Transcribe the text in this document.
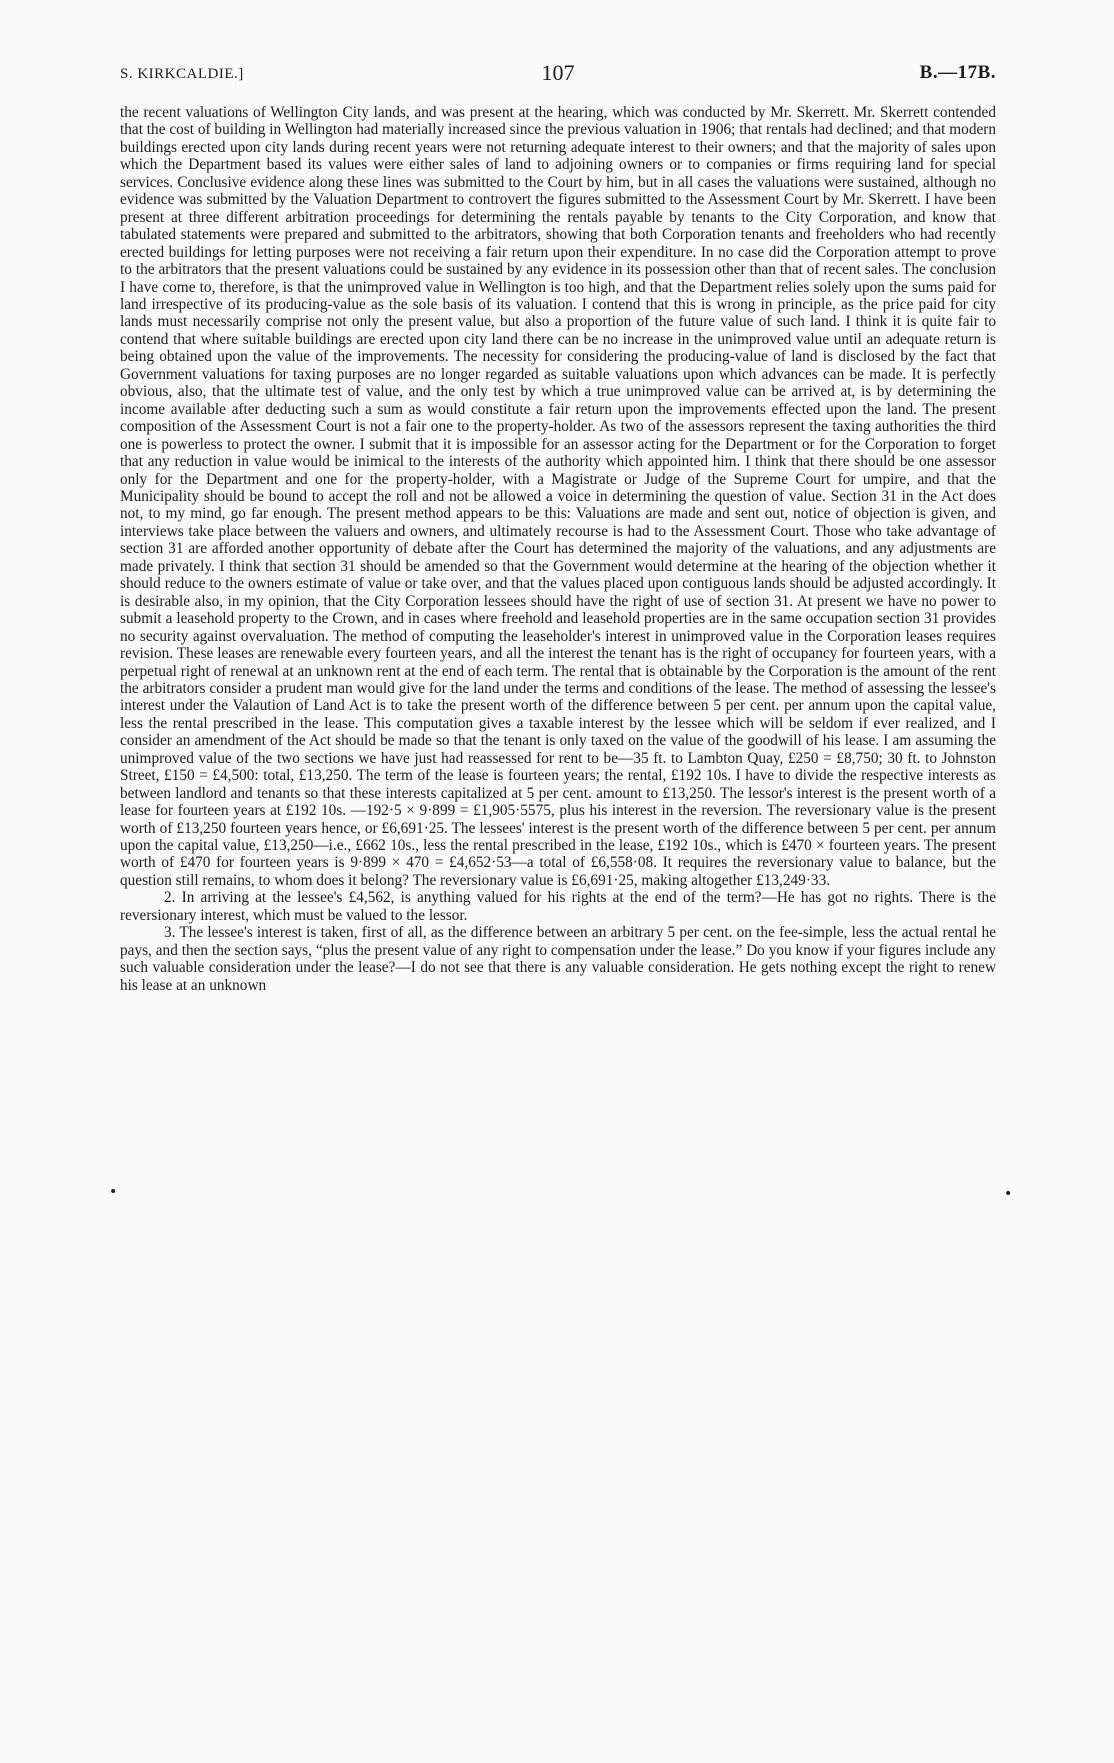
S. KIRKCALDIE.]	107	B.—17B.
•	•

the recent valuations of Wellington City lands, and was present at the hearing, which was conducted by Mr. Skerrett. Mr. Skerrett contended that the cost of building in Wellington had materially increased since the previous valuation in 1906; that rentals had declined; and that modern buildings erected upon city lands during recent years were not returning adequate interest to their owners; and that the majority of sales upon which the Department based its values were either sales of land to adjoining owners or to companies or firms requiring land for special services. Conclusive evidence along these lines was submitted to the Court by him, but in all cases the valuations were sustained, although no evidence was submitted by the Valuation Department to controvert the figures submitted to the Assessment Court by Mr. Skerrett. I have been present at three different arbitration proceedings for determining the rentals payable by tenants to the City Corporation, and know that tabulated statements were prepared and submitted to the arbitrators, showing that both Corporation tenants and freeholders who had recently erected buildings for letting purposes were not receiving a fair return upon their expenditure. In no case did the Corporation attempt to prove to the arbitrators that the present valuations could be sustained by any evidence in its possession other than that of recent sales. The conclusion I have come to, therefore, is that the unimproved value in Wellington is too high, and that the Department relies solely upon the sums paid for land irrespective of its producing-value as the sole basis of its valuation. I contend that this is wrong in principle, as the price paid for city lands must necessarily comprise not only the present value, but also a proportion of the future value of such land. I think it is quite fair to contend that where suitable buildings are erected upon city land there can be no increase in the unimproved value until an adequate return is being obtained upon the value of the improvements. The necessity for considering the producing-value of land is disclosed by the fact that Government valuations for taxing purposes are no longer regarded as suitable valuations upon which advances can be made. It is perfectly obvious, also, that the ultimate test of value, and the only test by which a true unimproved value can be arrived at, is by determining the income available after deducting such a sum as would constitute a fair return upon the improvements effected upon the land. The present composition of the Assessment Court is not a fair one to the property-holder. As two of the assessors represent the taxing authorities the third one is powerless to protect the owner. I submit that it is impossible for an assessor acting for the Department or for the Corporation to forget that any reduction in value would be inimical to the interests of the authority which appointed him. I think that there should be one assessor only for the Department and one for the property-holder, with a Magistrate or Judge of the Supreme Court for umpire, and that the Municipality should be bound to accept the roll and not be allowed a voice in determining the question of value. Section 31 in the Act does not, to my mind, go far enough. The present method appears to be this: Valuations are made and sent out, notice of objection is given, and interviews take place between the valuers and owners, and ultimately recourse is had to the Assessment Court. Those who take advantage of section 31 are afforded another opportunity of debate after the Court has determined the majority of the valuations, and any adjustments are made privately. I think that section 31 should be amended so that the Government would determine at the hearing of the objection whether it should reduce to the owners estimate of value or take over, and that the values placed upon contiguous lands should be adjusted accordingly. It is desirable also, in my opinion, that the City Corporation lessees should have the right of use of section 31. At present we have no power to submit a leasehold property to the Crown, and in cases where freehold and leasehold properties are in the same occupation section 31 provides no security against overvaluation. The method of computing the leaseholder's interest in unimproved value in the Corporation leases requires revision. These leases are renewable every fourteen years, and all the interest the tenant has is the right of occupancy for fourteen years, with a perpetual right of renewal at an unknown rent at the end of each term. The rental that is obtainable by the Corporation is the amount of the rent the arbitrators consider a prudent man would give for the land under the terms and conditions of the lease. The method of assessing the lessee's interest under the Valaution of Land Act is to take the present worth of the difference between 5 per cent. per annum upon the capital value, less the rental prescribed in the lease. This computation gives a taxable interest by the lessee which will be seldom if ever realized, and I consider an amendment of the Act should be made so that the tenant is only taxed on the value of the goodwill of his lease. I am assuming the unimproved value of the two sections we have just had reassessed for rent to be—35 ft. to Lambton Quay, £250 = £8,750; 30 ft. to Johnston Street, £150 = £4,500: total, £13,250. The term of the lease is fourteen years; the rental, £192 10s. I have to divide the respective interests as between landlord and tenants so that these interests capitalized at 5 per cent. amount to £13,250. The lessor's interest is the present worth of a lease for fourteen years at £192 10s. —192·5 × 9·899 = £1,905·5575, plus his interest in the reversion. The reversionary value is the present worth of £13,250 fourteen years hence, or £6,691·25. The lessees' interest is the present worth of the difference between 5 per cent. per annum upon the capital value, £13,250—i.e., £662 10s., less the rental prescribed in the lease, £192 10s., which is £470 × fourteen years. The present worth of £470 for fourteen years is 9·899 × 470 = £4,652·53—a total of £6,558·08. It requires the reversionary value to balance, but the question still remains, to whom does it belong? The reversionary value is £6,691·25, making altogether £13,249·33.

2. In arriving at the lessee's £4,562, is anything valued for his rights at the end of the term?—He has got no rights. There is the reversionary interest, which must be valued to the lessor.

3. The lessee's interest is taken, first of all, as the difference between an arbitrary 5 per cent. on the fee-simple, less the actual rental he pays, and then the section says, “plus the present value of any right to compensation under the lease.” Do you know if your figures include any such valuable consideration under the lease?—I do not see that there is any valuable consideration. He gets nothing except the right to renew his lease at an unknown
